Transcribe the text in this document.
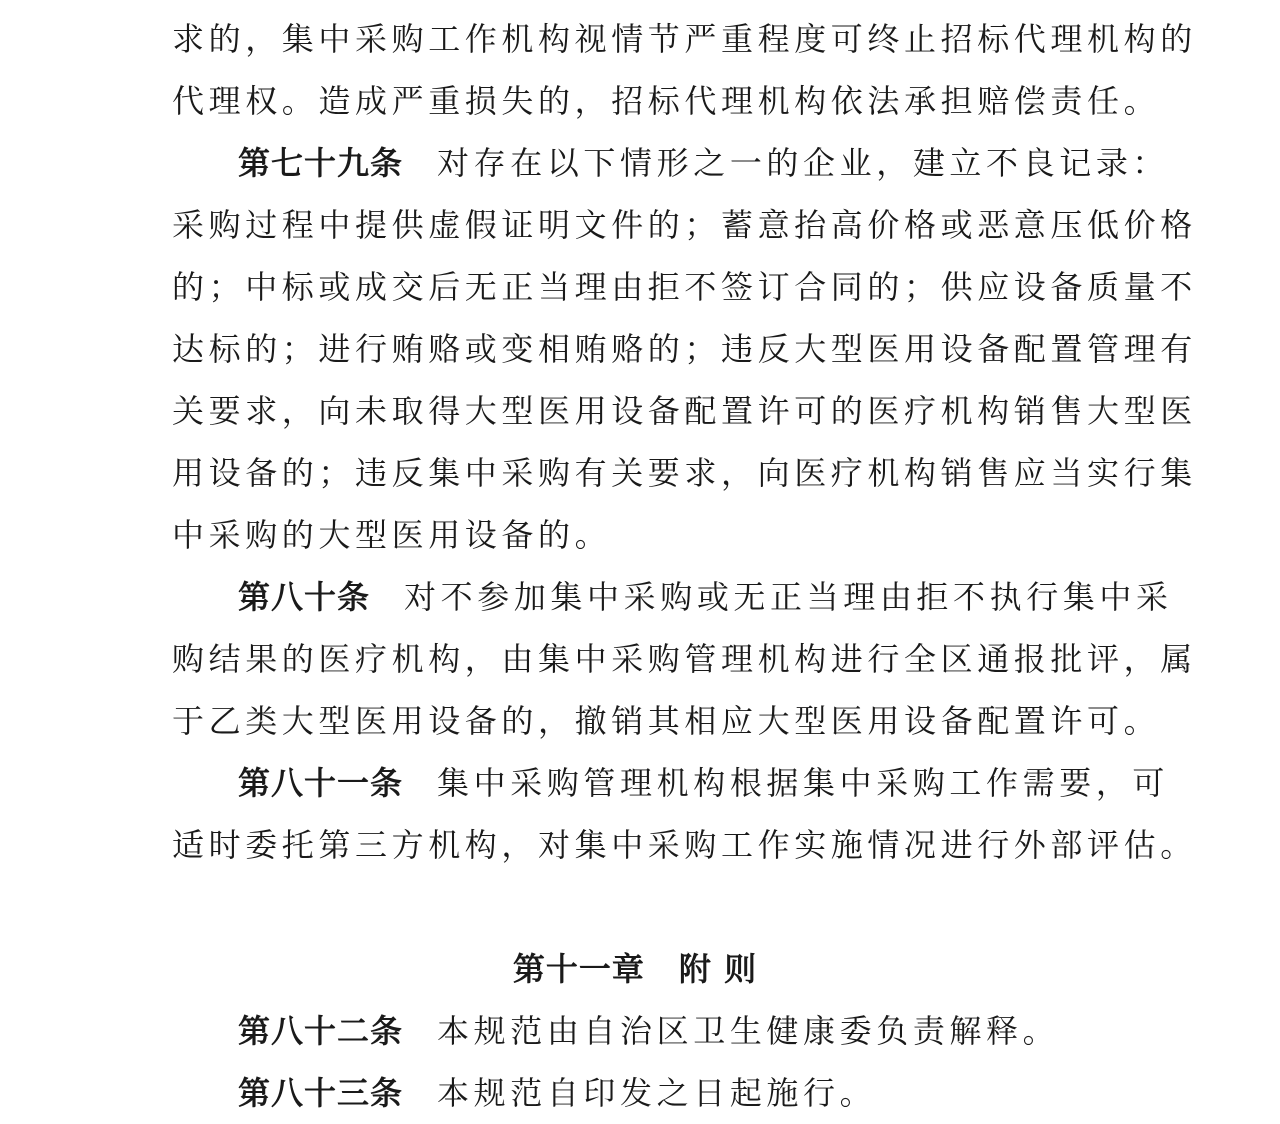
求的，集中采购工作机构视情节严重程度可终止招标代理机构的
代理权。造成严重损失的，招标代理机构依法承担赔偿责任。
第七十九条 对存在以下情形之一的企业，建立不良记录：
采购过程中提供虚假证明文件的；蓄意抬高价格或恶意压低价格
的；中标或成交后无正当理由拒不签订合同的；供应设备质量不
达标的；进行贿赂或变相贿赂的；违反大型医用设备配置管理有
关要求，向未取得大型医用设备配置许可的医疗机构销售大型医
用设备的；违反集中采购有关要求，向医疗机构销售应当实行集
中采购的大型医用设备的。
第八十条 对不参加集中采购或无正当理由拒不执行集中采
购结果的医疗机构，由集中采购管理机构进行全区通报批评，属
于乙类大型医用设备的，撤销其相应大型医用设备配置许可。
第八十一条 集中采购管理机构根据集中采购工作需要，可
适时委托第三方机构，对集中采购工作实施情况进行外部评估。
第十一章 附 则
第八十二条 本规范由自治区卫生健康委负责解释。
第八十三条 本规范自印发之日起施行。
